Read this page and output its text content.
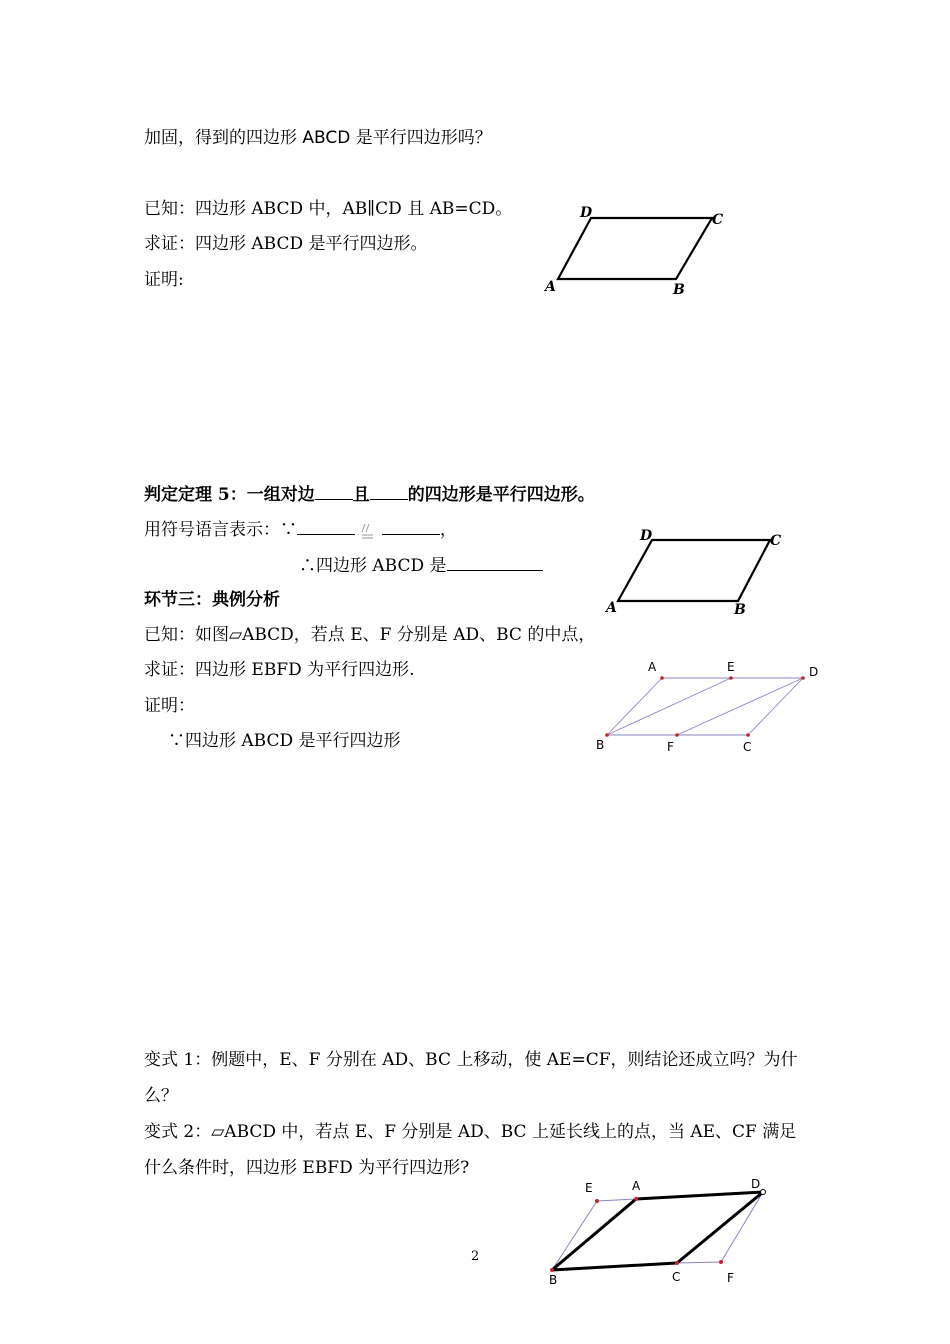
加固，得到的四边形 ABCD 是平行四边形吗？
已知：四边形 ABCD 中，AB∥CD 且 AB=CD。
求证：四边形 ABCD 是平行四边形。
证明:
D	C
A	B
判定定理 5：一组对边 且 的四边形是平行四边形。
用符号语言表示：∵	，
∴四边形 ABCD 是
D	C
A	B
环节三：典例分析
已知：如图▱ABCD，若点 E、F 分别是 AD、BC 的中点，
求证：四边形 EBFD 为平行四边形.
证明：
∵四边形 ABCD 是平行四边形
A	E	D
B	F	C
变式 1：例题中，E、F 分别在 AD、BC 上移动，使 AE=CF，则结论还成立吗？为什
么？
变式 2：▱ABCD 中，若点 E、F 分别是 AD、BC 上延长线上的点，当 AE、CF 满足
什么条件时，四边形 EBFD 为平行四边形?
E	A	D
B	C	F
2
